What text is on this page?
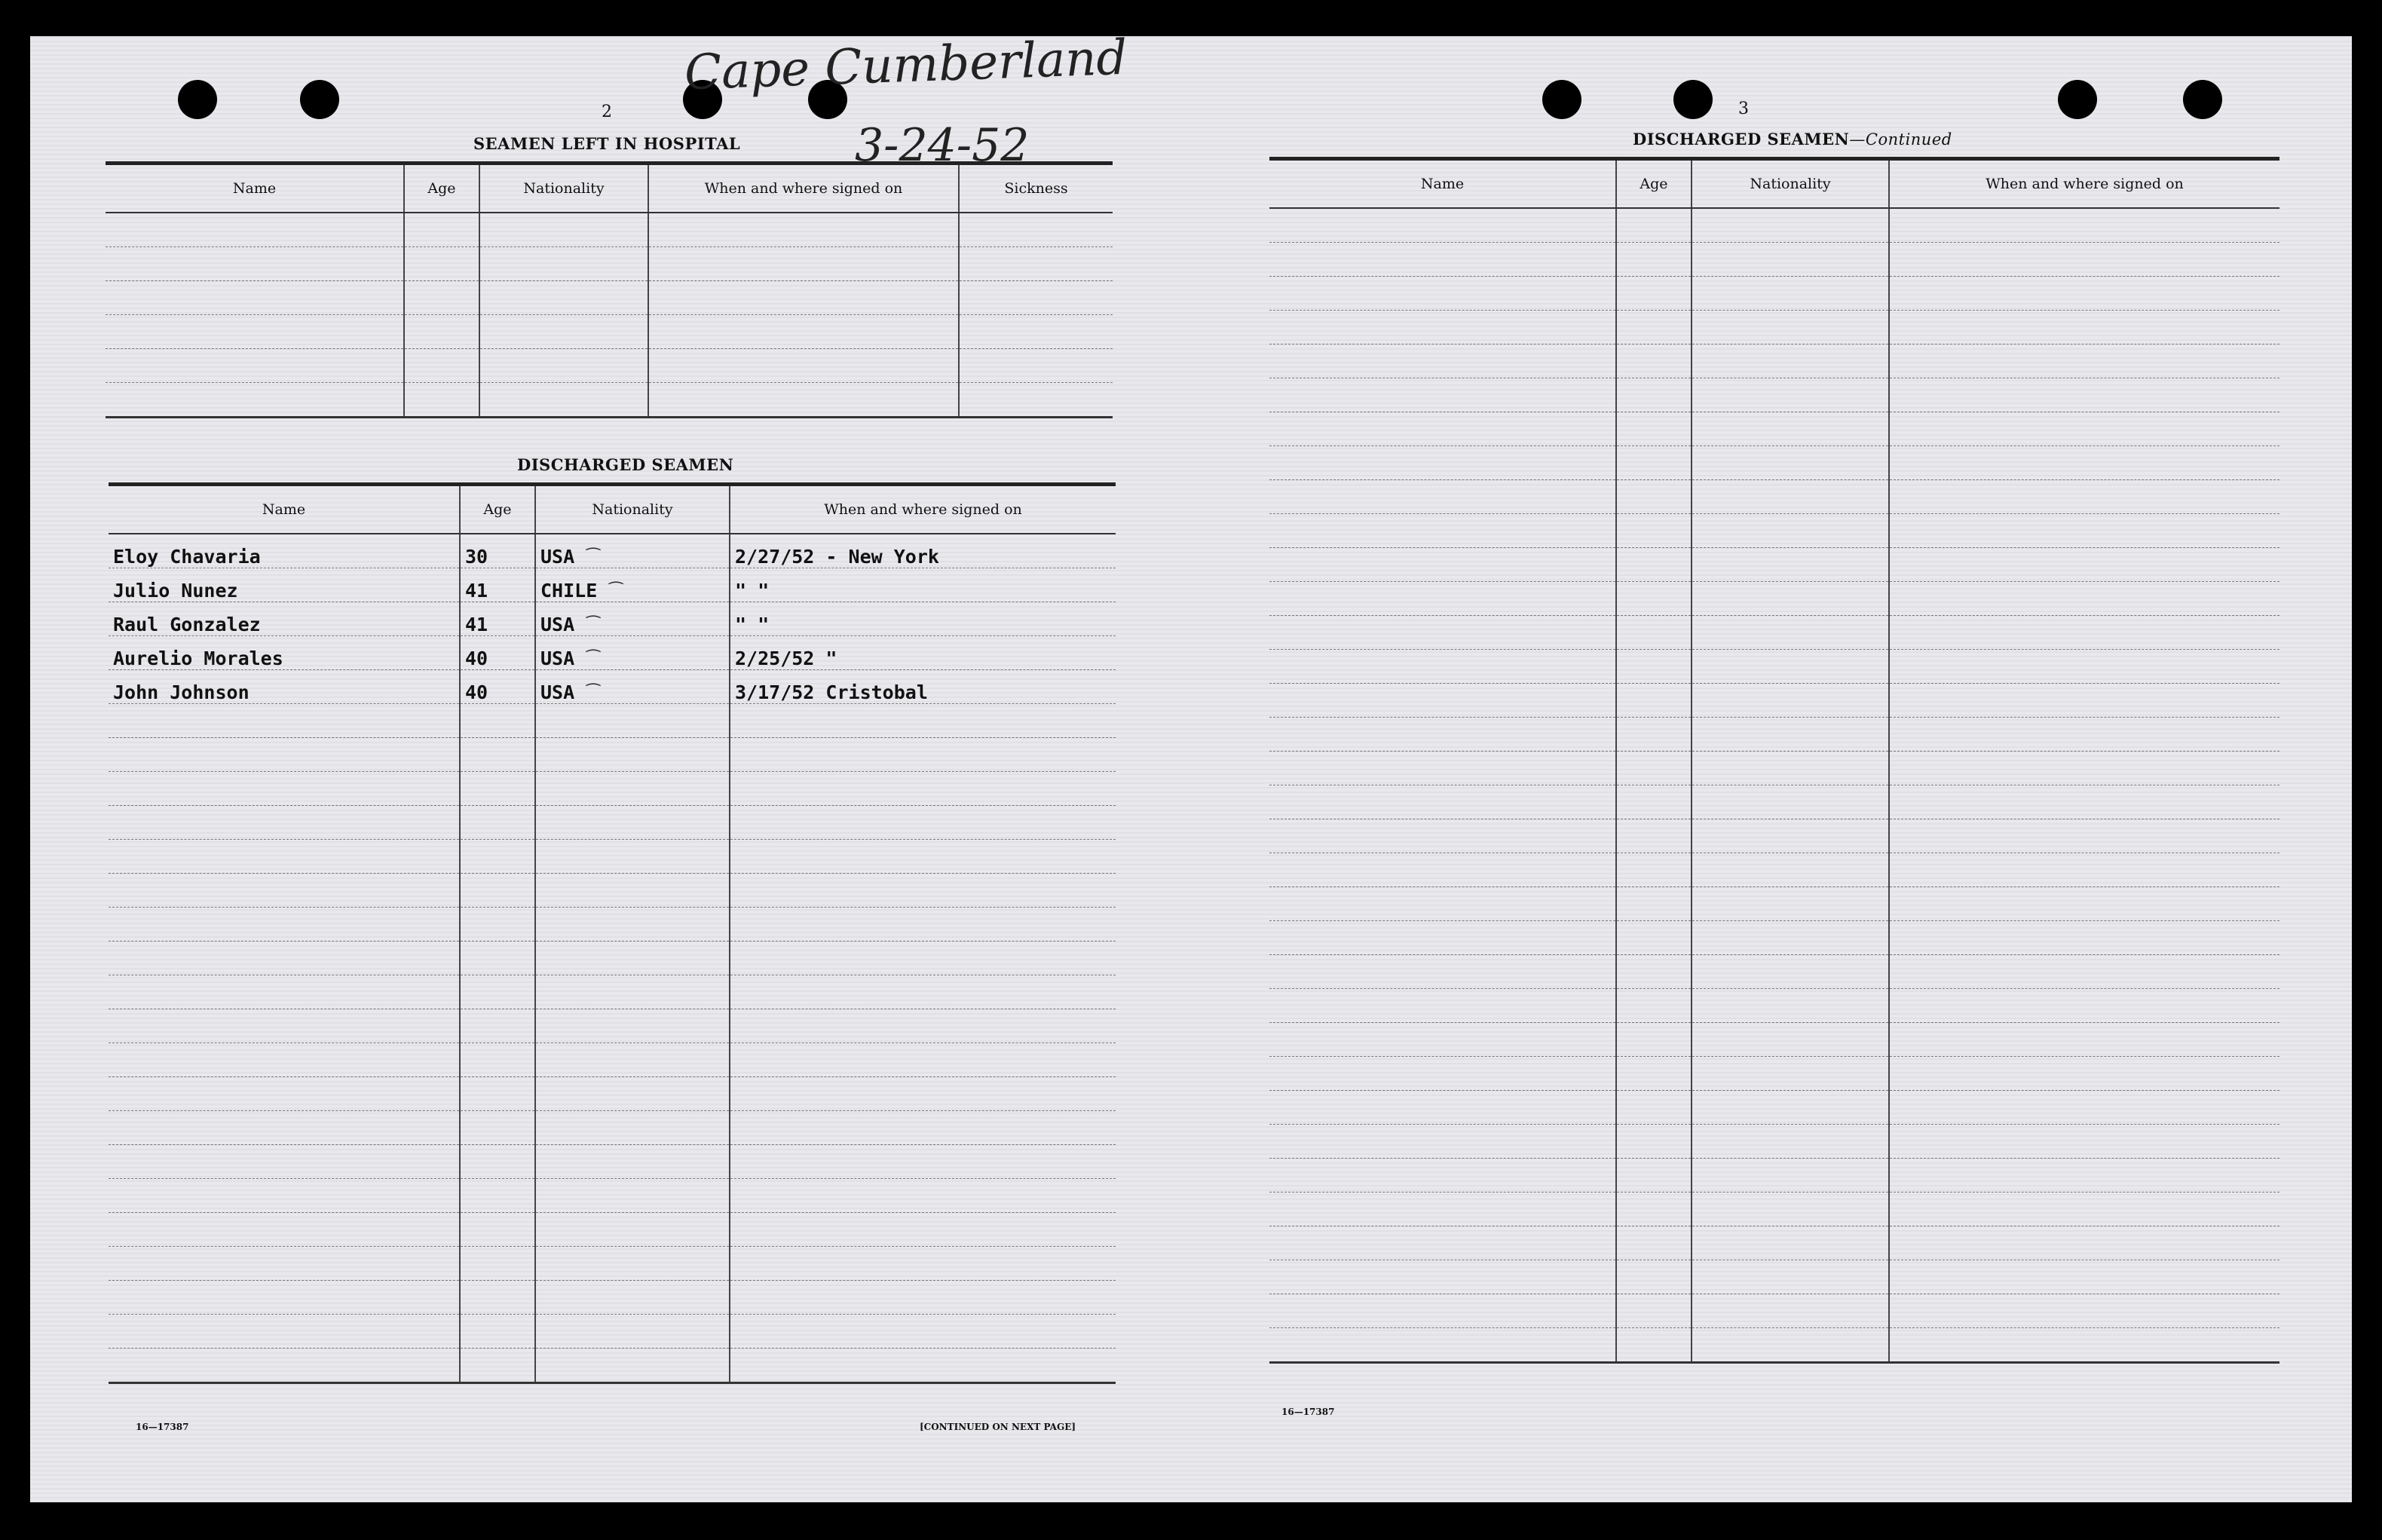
Cape Cumberland
3-24-52
2
SEAMEN LEFT IN HOSPITAL
Name	Age	Nationality	When and where signed on	Sickness

DISCHARGED SEAMEN
Name	Age	Nationality	When and where signed on
Eloy Chavaria	30	USA ⁀	2/27/52 - New York
Julio Nunez	41	CHILE ⁀	" "
Raul Gonzalez	41	USA ⁀	" "
Aurelio Morales	40	USA ⁀	2/25/52 "
John Johnson	40	USA ⁀	3/17/52 Cristobal

16—17387	[CONTINUED ON NEXT PAGE]
3
DISCHARGED SEAMEN—Continued
Name	Age	Nationality	When and where signed on

16—17387
